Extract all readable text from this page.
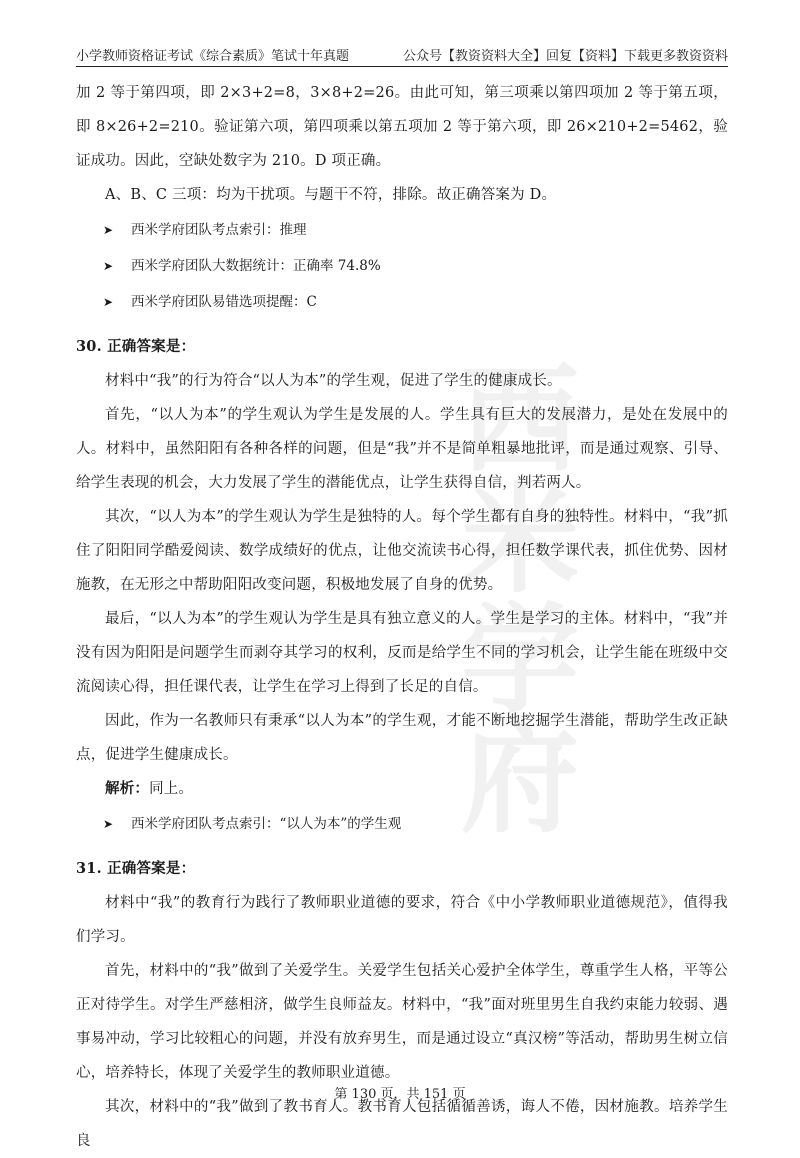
小学教师资格证考试《综合素质》笔试十年真题	公众号【教资资料大全】回复【资料】下载更多教资资料
西米学府

加 2 等于第四项，即 2×3+2=8，3×8+2=26。由此可知，第三项乘以第四项加 2 等于第五项，即 8×26+2=210。验证第六项，第四项乘以第五项加 2 等于第六项，即 26×210+2=5462，验证成功。因此，空缺处数字为 210。D 项正确。

A、B、C 三项：均为干扰项。与题干不符，排除。故正确答案为 D。

➤	西米学府团队考点索引：推理
➤	西米学府团队大数据统计：正确率 74.8%
➤	西米学府团队易错选项提醒：C

30. 正确答案是：

材料中“我”的行为符合“以人为本”的学生观，促进了学生的健康成长。

首先，“以人为本”的学生观认为学生是发展的人。学生具有巨大的发展潜力，是处在发展中的人。材料中，虽然阳阳有各种各样的问题，但是“我”并不是简单粗暴地批评，而是通过观察、引导、给学生表现的机会，大力发展了学生的潜能优点，让学生获得自信，判若两人。

其次，“以人为本”的学生观认为学生是独特的人。每个学生都有自身的独特性。材料中，“我”抓住了阳阳同学酷爱阅读、数学成绩好的优点，让他交流读书心得，担任数学课代表，抓住优势、因材施教，在无形之中帮助阳阳改变问题，积极地发展了自身的优势。

最后，“以人为本”的学生观认为学生是具有独立意义的人。学生是学习的主体。材料中，“我”并没有因为阳阳是问题学生而剥夺其学习的权利，反而是给学生不同的学习机会，让学生能在班级中交流阅读心得，担任课代表，让学生在学习上得到了长足的自信。

因此，作为一名教师只有秉承“以人为本”的学生观，才能不断地挖掘学生潜能，帮助学生改正缺点，促进学生健康成长。

解析：同上。

➤	西米学府团队考点索引：“以人为本”的学生观

31. 正确答案是：

材料中“我”的教育行为践行了教师职业道德的要求，符合《中小学教师职业道德规范》，值得我们学习。

首先，材料中的“我”做到了关爱学生。关爱学生包括关心爱护全体学生，尊重学生人格，平等公正对待学生。对学生严慈相济，做学生良师益友。材料中，“我”面对班里男生自我约束能力较弱、遇事易冲动，学习比较粗心的问题，并没有放弃男生，而是通过设立“真汉榜”等活动，帮助男生树立信心，培养特长，体现了关爱学生的教师职业道德。

其次，材料中的“我”做到了教书育人。教书育人包括循循善诱，诲人不倦，因材施教。培养学生良

第 130 页，共 151 页
